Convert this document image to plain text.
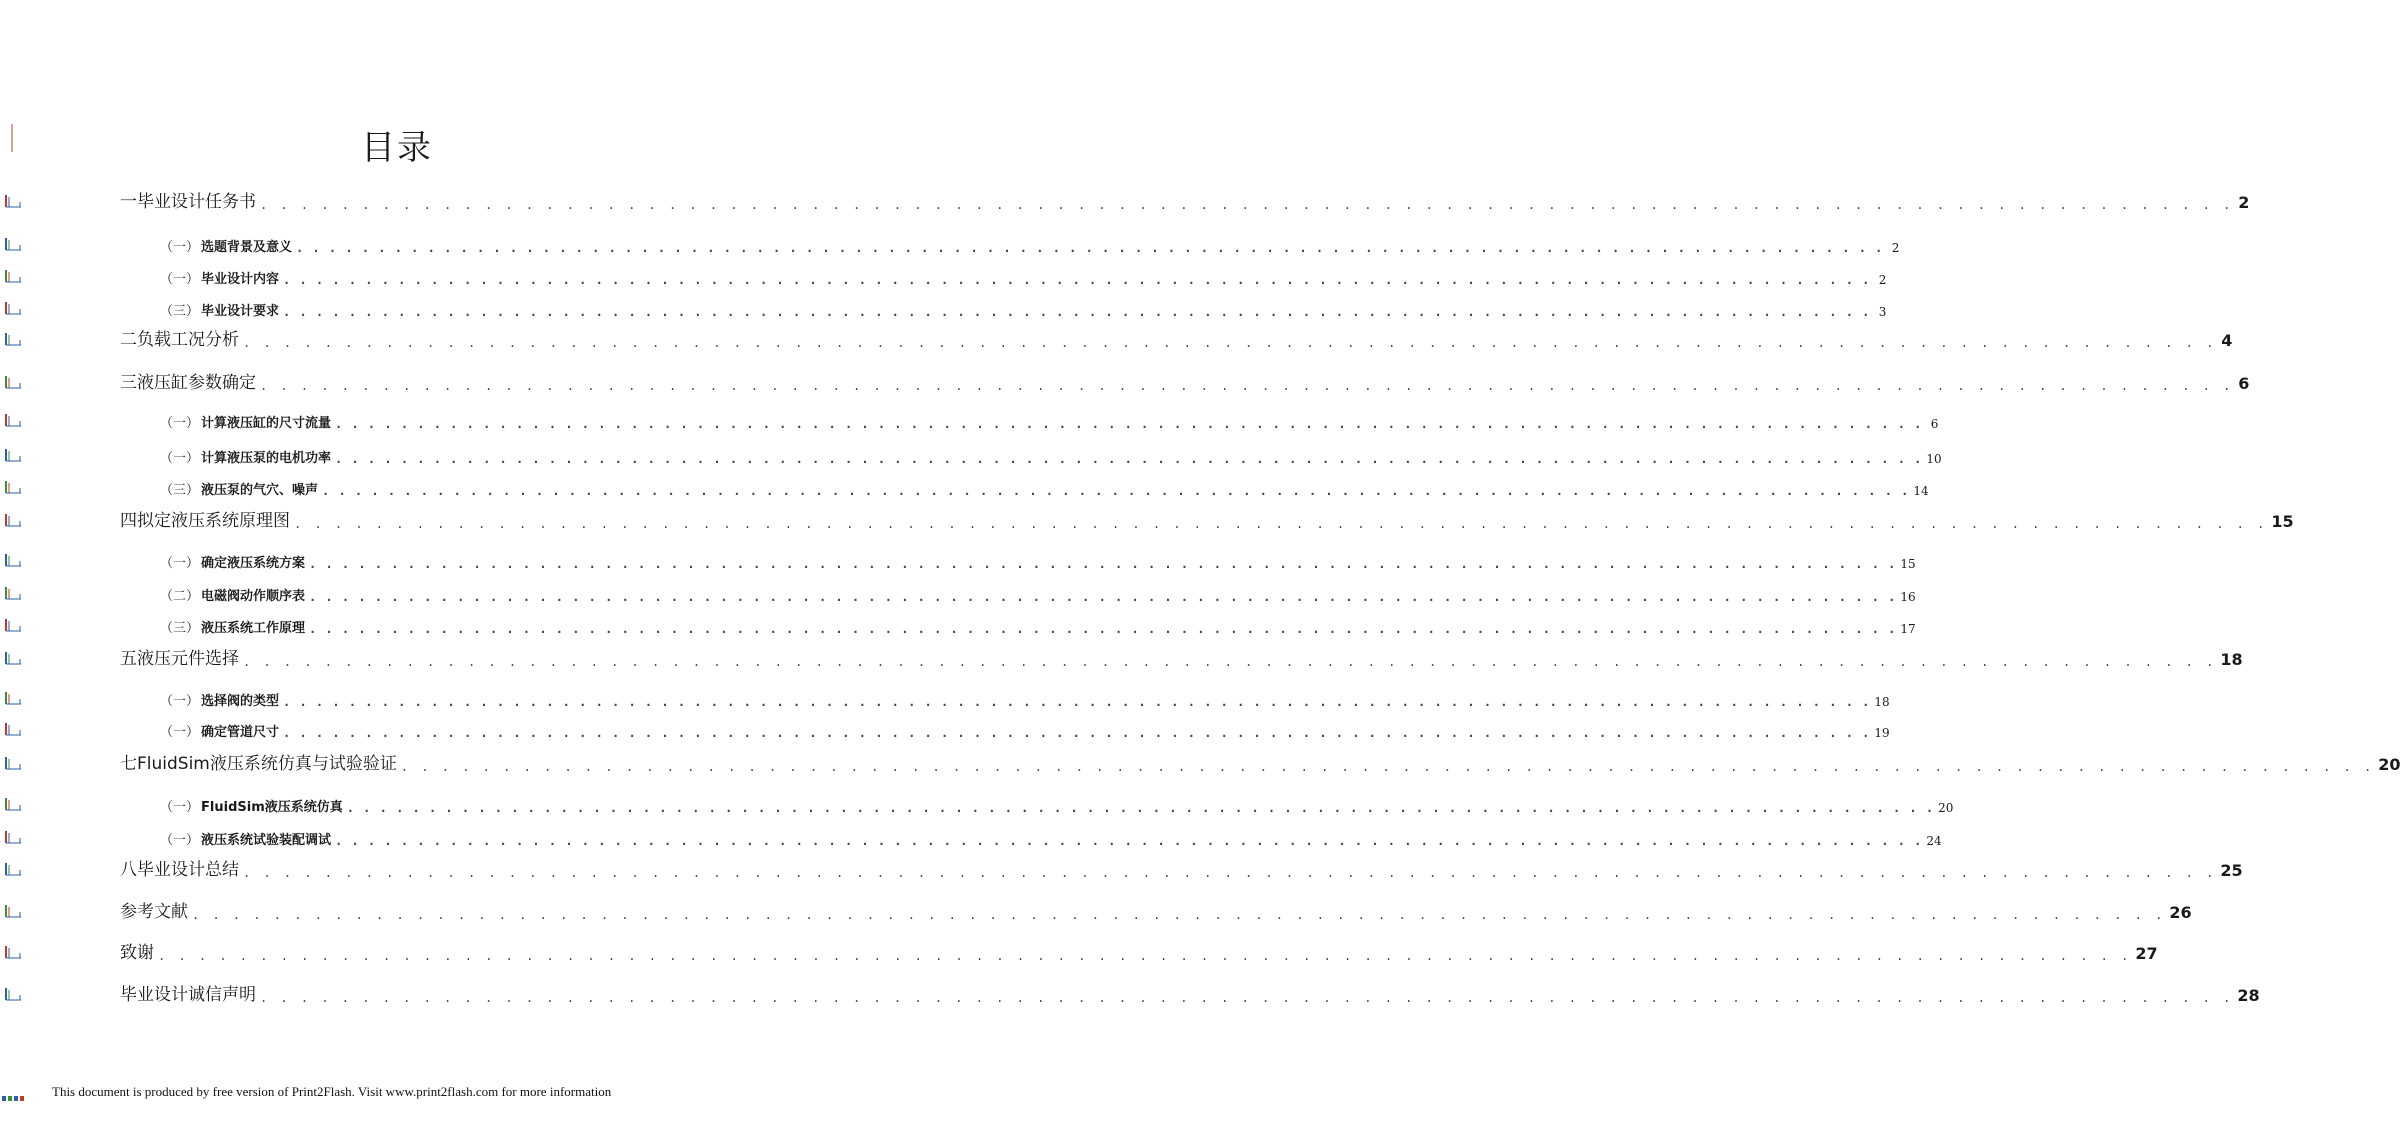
目录
一 毕业设计任务书 . . . . . . . . . . . . . . . . . . . . . . . . . . . . . . . . . . . . . . . . . . . . . . . . . . . . . . . . . . . . . . . . . . . . . . . . . . . . . . . . . . . . . . . . . . . . . . . . . 2
（一） 选题背景及意义 . . . . . . . . . . . . . . . . . . . . . . . . . . . . . . . . . . . . . . . . . . . . . . . . . . . . . . . . . . . . . . . . . . . . . . . . . . . . . . . . . . . . . . . . . . . . . . . . . 2
（一） 毕业设计内容 . . . . . . . . . . . . . . . . . . . . . . . . . . . . . . . . . . . . . . . . . . . . . . . . . . . . . . . . . . . . . . . . . . . . . . . . . . . . . . . . . . . . . . . . . . . . . . . . . 2
（三） 毕业设计要求 . . . . . . . . . . . . . . . . . . . . . . . . . . . . . . . . . . . . . . . . . . . . . . . . . . . . . . . . . . . . . . . . . . . . . . . . . . . . . . . . . . . . . . . . . . . . . . . . . 3
二 负载工况分析 . . . . . . . . . . . . . . . . . . . . . . . . . . . . . . . . . . . . . . . . . . . . . . . . . . . . . . . . . . . . . . . . . . . . . . . . . . . . . . . . . . . . . . . . . . . . . . . . . 4
三 液压缸参数确定 . . . . . . . . . . . . . . . . . . . . . . . . . . . . . . . . . . . . . . . . . . . . . . . . . . . . . . . . . . . . . . . . . . . . . . . . . . . . . . . . . . . . . . . . . . . . . . . . . 6
（一） 计算液压缸的尺寸流量 . . . . . . . . . . . . . . . . . . . . . . . . . . . . . . . . . . . . . . . . . . . . . . . . . . . . . . . . . . . . . . . . . . . . . . . . . . . . . . . . . . . . . . . . . . . . . . . . . 6
（一） 计算液压泵的电机功率 . . . . . . . . . . . . . . . . . . . . . . . . . . . . . . . . . . . . . . . . . . . . . . . . . . . . . . . . . . . . . . . . . . . . . . . . . . . . . . . . . . . . . . . . . . . . . . . . . 10
（三） 液压泵的气穴、噪声 . . . . . . . . . . . . . . . . . . . . . . . . . . . . . . . . . . . . . . . . . . . . . . . . . . . . . . . . . . . . . . . . . . . . . . . . . . . . . . . . . . . . . . . . . . . . . . . . . 14
四 拟定液压系统原理图 . . . . . . . . . . . . . . . . . . . . . . . . . . . . . . . . . . . . . . . . . . . . . . . . . . . . . . . . . . . . . . . . . . . . . . . . . . . . . . . . . . . . . . . . . . . . . . . . . 15
（一） 确定液压系统方案 . . . . . . . . . . . . . . . . . . . . . . . . . . . . . . . . . . . . . . . . . . . . . . . . . . . . . . . . . . . . . . . . . . . . . . . . . . . . . . . . . . . . . . . . . . . . . . . . . 15
（二） 电磁阀动作顺序表 . . . . . . . . . . . . . . . . . . . . . . . . . . . . . . . . . . . . . . . . . . . . . . . . . . . . . . . . . . . . . . . . . . . . . . . . . . . . . . . . . . . . . . . . . . . . . . . . . 16
（三） 液压系统工作原理 . . . . . . . . . . . . . . . . . . . . . . . . . . . . . . . . . . . . . . . . . . . . . . . . . . . . . . . . . . . . . . . . . . . . . . . . . . . . . . . . . . . . . . . . . . . . . . . . . 17
五 液压元件选择 . . . . . . . . . . . . . . . . . . . . . . . . . . . . . . . . . . . . . . . . . . . . . . . . . . . . . . . . . . . . . . . . . . . . . . . . . . . . . . . . . . . . . . . . . . . . . . . . . 18
（一） 选择阀的类型 . . . . . . . . . . . . . . . . . . . . . . . . . . . . . . . . . . . . . . . . . . . . . . . . . . . . . . . . . . . . . . . . . . . . . . . . . . . . . . . . . . . . . . . . . . . . . . . . . 18
（一） 确定管道尺寸 . . . . . . . . . . . . . . . . . . . . . . . . . . . . . . . . . . . . . . . . . . . . . . . . . . . . . . . . . . . . . . . . . . . . . . . . . . . . . . . . . . . . . . . . . . . . . . . . . 19
七 FluidSim液压系统仿真与试验验证 . . . . . . . . . . . . . . . . . . . . . . . . . . . . . . . . . . . . . . . . . . . . . . . . . . . . . . . . . . . . . . . . . . . . . . . . . . . . . . . . . . . . . . . . . . . . . . . . . 20
（一） FluidSim液压系统仿真 . . . . . . . . . . . . . . . . . . . . . . . . . . . . . . . . . . . . . . . . . . . . . . . . . . . . . . . . . . . . . . . . . . . . . . . . . . . . . . . . . . . . . . . . . . . . . . . . . 20
（一） 液压系统试验装配调试 . . . . . . . . . . . . . . . . . . . . . . . . . . . . . . . . . . . . . . . . . . . . . . . . . . . . . . . . . . . . . . . . . . . . . . . . . . . . . . . . . . . . . . . . . . . . . . . . . 24
八 毕业设计总结 . . . . . . . . . . . . . . . . . . . . . . . . . . . . . . . . . . . . . . . . . . . . . . . . . . . . . . . . . . . . . . . . . . . . . . . . . . . . . . . . . . . . . . . . . . . . . . . . . 25
参考文献 . . . . . . . . . . . . . . . . . . . . . . . . . . . . . . . . . . . . . . . . . . . . . . . . . . . . . . . . . . . . . . . . . . . . . . . . . . . . . . . . . . . . . . . . . . . . . . . . . 26
致谢 . . . . . . . . . . . . . . . . . . . . . . . . . . . . . . . . . . . . . . . . . . . . . . . . . . . . . . . . . . . . . . . . . . . . . . . . . . . . . . . . . . . . . . . . . . . . . . . . . 27
毕业设计诚信声明 . . . . . . . . . . . . . . . . . . . . . . . . . . . . . . . . . . . . . . . . . . . . . . . . . . . . . . . . . . . . . . . . . . . . . . . . . . . . . . . . . . . . . . . . . . . . . . . . . 28
This document is produced by free version of Print2Flash. Visit www.print2flash.com for more information
